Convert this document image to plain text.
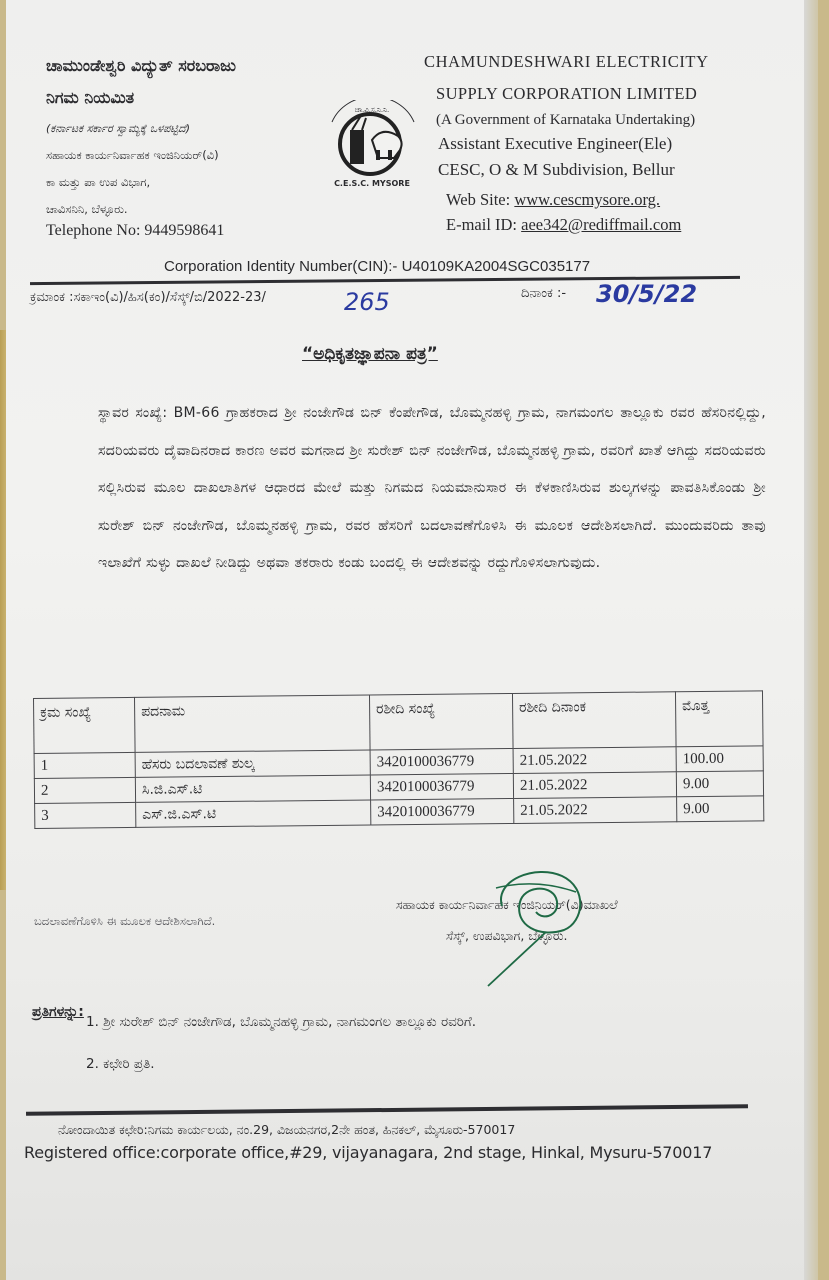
ಚಾಮುಂಡೇಶ್ವರಿ ವಿದ್ಯುತ್ ಸರಬರಾಜು
ನಿಗಮ ನಿಯಮಿತ
(ಕರ್ನಾಟಕ ಸರ್ಕಾರ ಸ್ವಾಮ್ಯಕ್ಕೆ ಒಳಪಟ್ಟಿದೆ)
ಸಹಾಯಕ ಕಾರ್ಯನಿರ್ವಾಹಕ ಇಂಜಿನಿಯರ್(ವಿ)
ಕಾ ಮತ್ತು ಪಾ ಉಪ ವಿಭಾಗ,
ಚಾವಿಸನಿನಿ, ಬೆಳ್ಳೂರು.
Telephone No: 9449598641
ಚಾ.ವಿ.ಸ.ನಿ.ನಿ.
C.E.S.C. MYSORE
CHAMUNDESHWARI ELECTRICITY
SUPPLY CORPORATION LIMITED
(A Government of Karnataka Undertaking)
Assistant Executive Engineer(Ele)
CESC, O & M Subdivision, Bellur
Web Site: www.cescmysore.org.
E-mail ID: aee342@rediffmail.com
Corporation Identity Number(CIN):- U40109KA2004SGC035177
ಕ್ರಮಾಂಕ :ಸಕಾಇಂ(ವಿ)/ಹಿಸ(ಕಂ)/ಸೆಸ್ಕ್/ಬಿ/2022-23/	265	ದಿನಾಂಕ :- 30/5/22
“ಅಧಿಕೃತಜ್ಞಾಪನಾ ಪತ್ರ”
ಸ್ಥಾವರ ಸಂಖ್ಯೆ: BM-66 ಗ್ರಾಹಕರಾದ ಶ್ರೀ ನಂಜೇಗೌಡ ಬಿನ್ ಕೆಂಪೇಗೌಡ, ಬೊಮ್ಮನಹಳ್ಳಿ ಗ್ರಾಮ, ನಾಗಮಂಗಲ ತಾಲ್ಲೂಕು ರವರ ಹೆಸರಿನಲ್ಲಿದ್ದು, ಸದರಿಯವರು ದೈವಾದಿನರಾದ ಕಾರಣ ಅವರ ಮಗನಾದ ಶ್ರೀ ಸುರೇಶ್ ಬಿನ್ ನಂಜೇಗೌಡ, ಬೊಮ್ಮನಹಳ್ಳಿ ಗ್ರಾಮ, ರವರಿಗೆ ಖಾತೆ ಆಗಿದ್ದು ಸದರಿಯವರು ಸಲ್ಲಿಸಿರುವ ಮೂಲ ದಾಖಲಾತಿಗಳ ಆಧಾರದ ಮೇಲೆ ಮತ್ತು ನಿಗಮದ ನಿಯಮಾನುಸಾರ ಈ ಕೆಳಕಾಣಿಸಿರುವ ಶುಲ್ಕಗಳನ್ನು ಪಾವತಿಸಿಕೊಂಡು ಶ್ರೀ ಸುರೇಶ್ ಬಿನ್ ನಂಜೇಗೌಡ, ಬೊಮ್ಮನಹಳ್ಳಿ ಗ್ರಾಮ, ರವರ ಹೆಸರಿಗೆ ಬದಲಾವಣೆಗೊಳಿಸಿ ಈ ಮೂಲಕ ಆದೇಶಿಸಲಾಗಿದೆ. ಮುಂದುವರಿದು ತಾವು ಇಲಾಖೆಗೆ ಸುಳ್ಳು ದಾಖಲೆ ನೀಡಿದ್ದು ಅಥವಾ ತಕರಾರು ಕಂಡು ಬಂದಲ್ಲಿ ಈ ಆದೇಶವನ್ನು ರದ್ದುಗೊಳಿಸಲಾಗುವುದು.
ಕ್ರಮ ಸಂಖ್ಯೆ	ಪದನಾಮ	ರಶೀದಿ ಸಂಖ್ಯೆ	ರಶೀದಿ ದಿನಾಂಕ	ಮೊತ್ತ
1	ಹೆಸರು ಬದಲಾವಣೆ ಶುಲ್ಕ	3420100036779	21.05.2022	100.00
2	ಸಿ.ಜಿ.ಎಸ್.ಟಿ	3420100036779	21.05.2022	9.00
3	ಎಸ್.ಜಿ.ಎಸ್.ಟಿ	3420100036779	21.05.2022	9.00
ಬದಲಾವಣೆಗೊಳಿಸಿ ಈ ಮೂಲಕ ಆದೇಶಿಸಲಾಗಿದೆ.
ಸಹಾಯಕ ಕಾರ್ಯನಿರ್ವಾಹಕ ಇಂಜಿನಿಯರ್(ವಿ)ಮಾಖಲೆ
ಸೆಸ್ಕ್, ಉಪವಿಭಾಗ, ಬೆಳ್ಳೂರು.
ಪ್ರತಿಗಳನ್ನು:
1. ಶ್ರೀ ಸುರೇಶ್ ಬಿನ್ ನಂಜೇಗೌಡ, ಬೊಮ್ಮನಹಳ್ಳಿ ಗ್ರಾಮ, ನಾಗಮಂಗಲ ತಾಲ್ಲೂಕು ರವರಿಗೆ.
2. ಕಛೇರಿ ಪ್ರತಿ.
ನೋಂದಾಯಿತ ಕಛೇರಿ:ನಿಗಮ ಕಾರ್ಯಲಯ, ನಂ.29, ವಿಜಯನಗರ,2ನೇ ಹಂತ, ಹಿನಕಲ್, ಮೈಸೂರು-570017
Registered office:corporate office,#29, vijayanagara, 2nd stage, Hinkal, Mysuru-570017
